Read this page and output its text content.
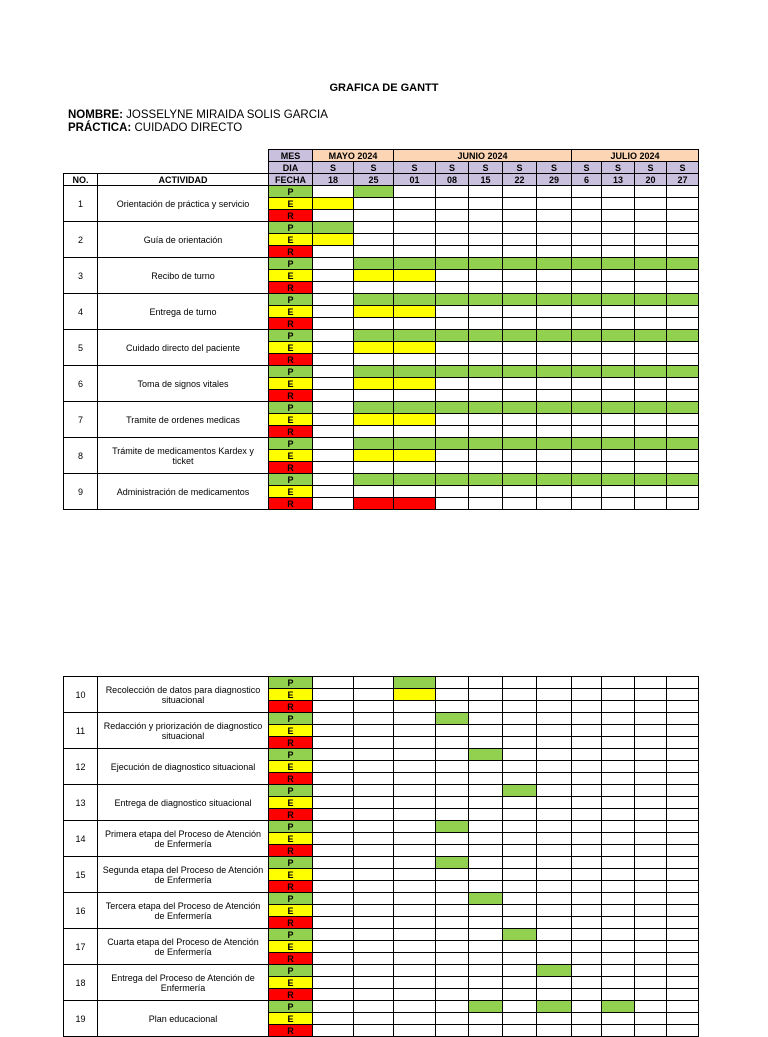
GRAFICA DE GANTT
NOMBRE: JOSSELYNE MIRAIDA SOLIS GARCIA
PRÁCTICA: CUIDADO DIRECTO
		MES	MAYO 2024		JUNIO 2024					JULIO 2024			
		DIA	S	S	S	S	S	S	S	S	S	S	S
NO.	ACTIVIDAD	FECHA	18	25	01	08	15	22	29	6	13	20	27
1	Orientación de práctica y servicio	P											
		E											
		R											
2	Guía de orientación	P											
		E											
		R											
3	Recibo de turno	P											
		E											
		R											
4	Entrega de turno	P											
		E											
		R											
5	Cuidado directo del paciente	P											
		E											
		R											
6	Toma de signos vitales	P											
		E											
		R											
7	Tramite de ordenes medicas	P											
		E											
		R											
8	Trámite de medicamentos Kardex y ticket	P											
		E											
		R											
9	Administración de medicamentos	P											
		E											
		R											
10	Recolección de datos para diagnostico situacional	P											
		E											
		R											
11	Redacción y priorización de diagnostico situacional	P											
		E											
		R											
12	Ejecución de diagnostico situacional	P											
		E											
		R											
13	Entrega de diagnostico situacional	P											
		E											
		R											
14	Primera etapa del Proceso de Atención de Enfermería	P											
		E											
		R											
15	Segunda etapa del Proceso de Atención de Enfermería	P											
		E											
		R											
16	Tercera etapa del Proceso de Atención de Enfermería	P											
		E											
		R											
17	Cuarta etapa del Proceso de Atención de Enfermería	P											
		E											
		R											
18	Entrega del Proceso de Atención de Enfermería	P											
		E											
		R											
19	Plan educacional	P											
		E											
		R											
